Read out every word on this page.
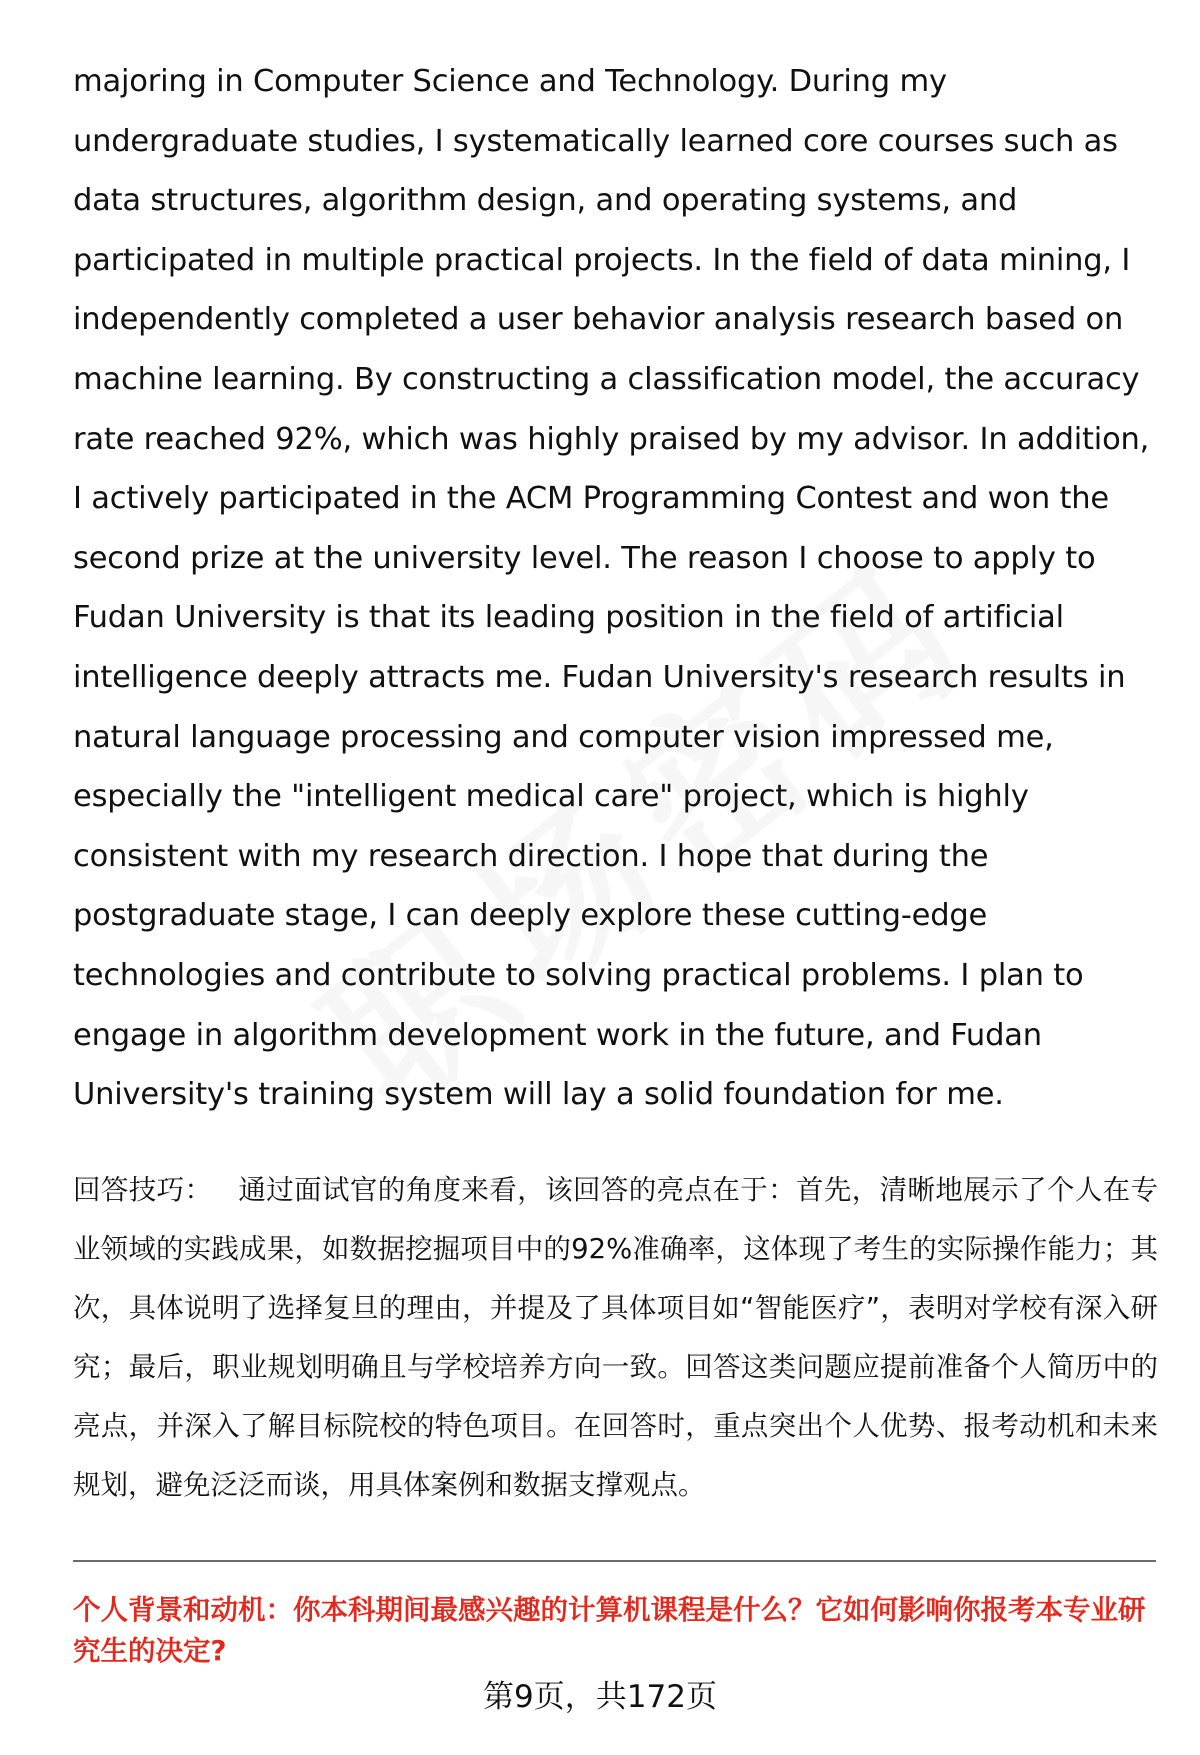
majoring in Computer Science and Technology. During my undergraduate studies, I systematically learned core courses such as data structures, algorithm design, and operating systems, and participated in multiple practical projects. In the field of data mining, I independently completed a user behavior analysis research based on machine learning. By constructing a classification model, the accuracy rate reached 92%, which was highly praised by my advisor. In addition, I actively participated in the ACM Programming Contest and won the second prize at the university level. The reason I choose to apply to Fudan University is that its leading position in the field of artificial intelligence deeply attracts me. Fudan University's research results in natural language processing and computer vision impressed me, especially the "intelligent medical care" project, which is highly consistent with my research direction. I hope that during the postgraduate stage, I can deeply explore these cutting-edge technologies and contribute to solving practical problems. I plan to engage in algorithm development work in the future, and Fudan University's training system will lay a solid foundation for me.

回答技巧： 通过面试官的角度来看，该回答的亮点在于：首先，清晰地展示了个人在专业领域的实践成果，如数据挖掘项目中的92%准确率，这体现了考生的实际操作能力；其次，具体说明了选择复旦的理由，并提及了具体项目如“智能医疗”，表明对学校有深入研究；最后，职业规划明确且与学校培养方向一致。回答这类问题应提前准备个人简历中的亮点，并深入了解目标院校的特色项目。在回答时，重点突出个人优势、报考动机和未来规划，避免泛泛而谈，用具体案例和数据支撑观点。

个人背景和动机：你本科期间最感兴趣的计算机课程是什么？它如何影响你报考本专业研究生的决定?

第9页，共172页
